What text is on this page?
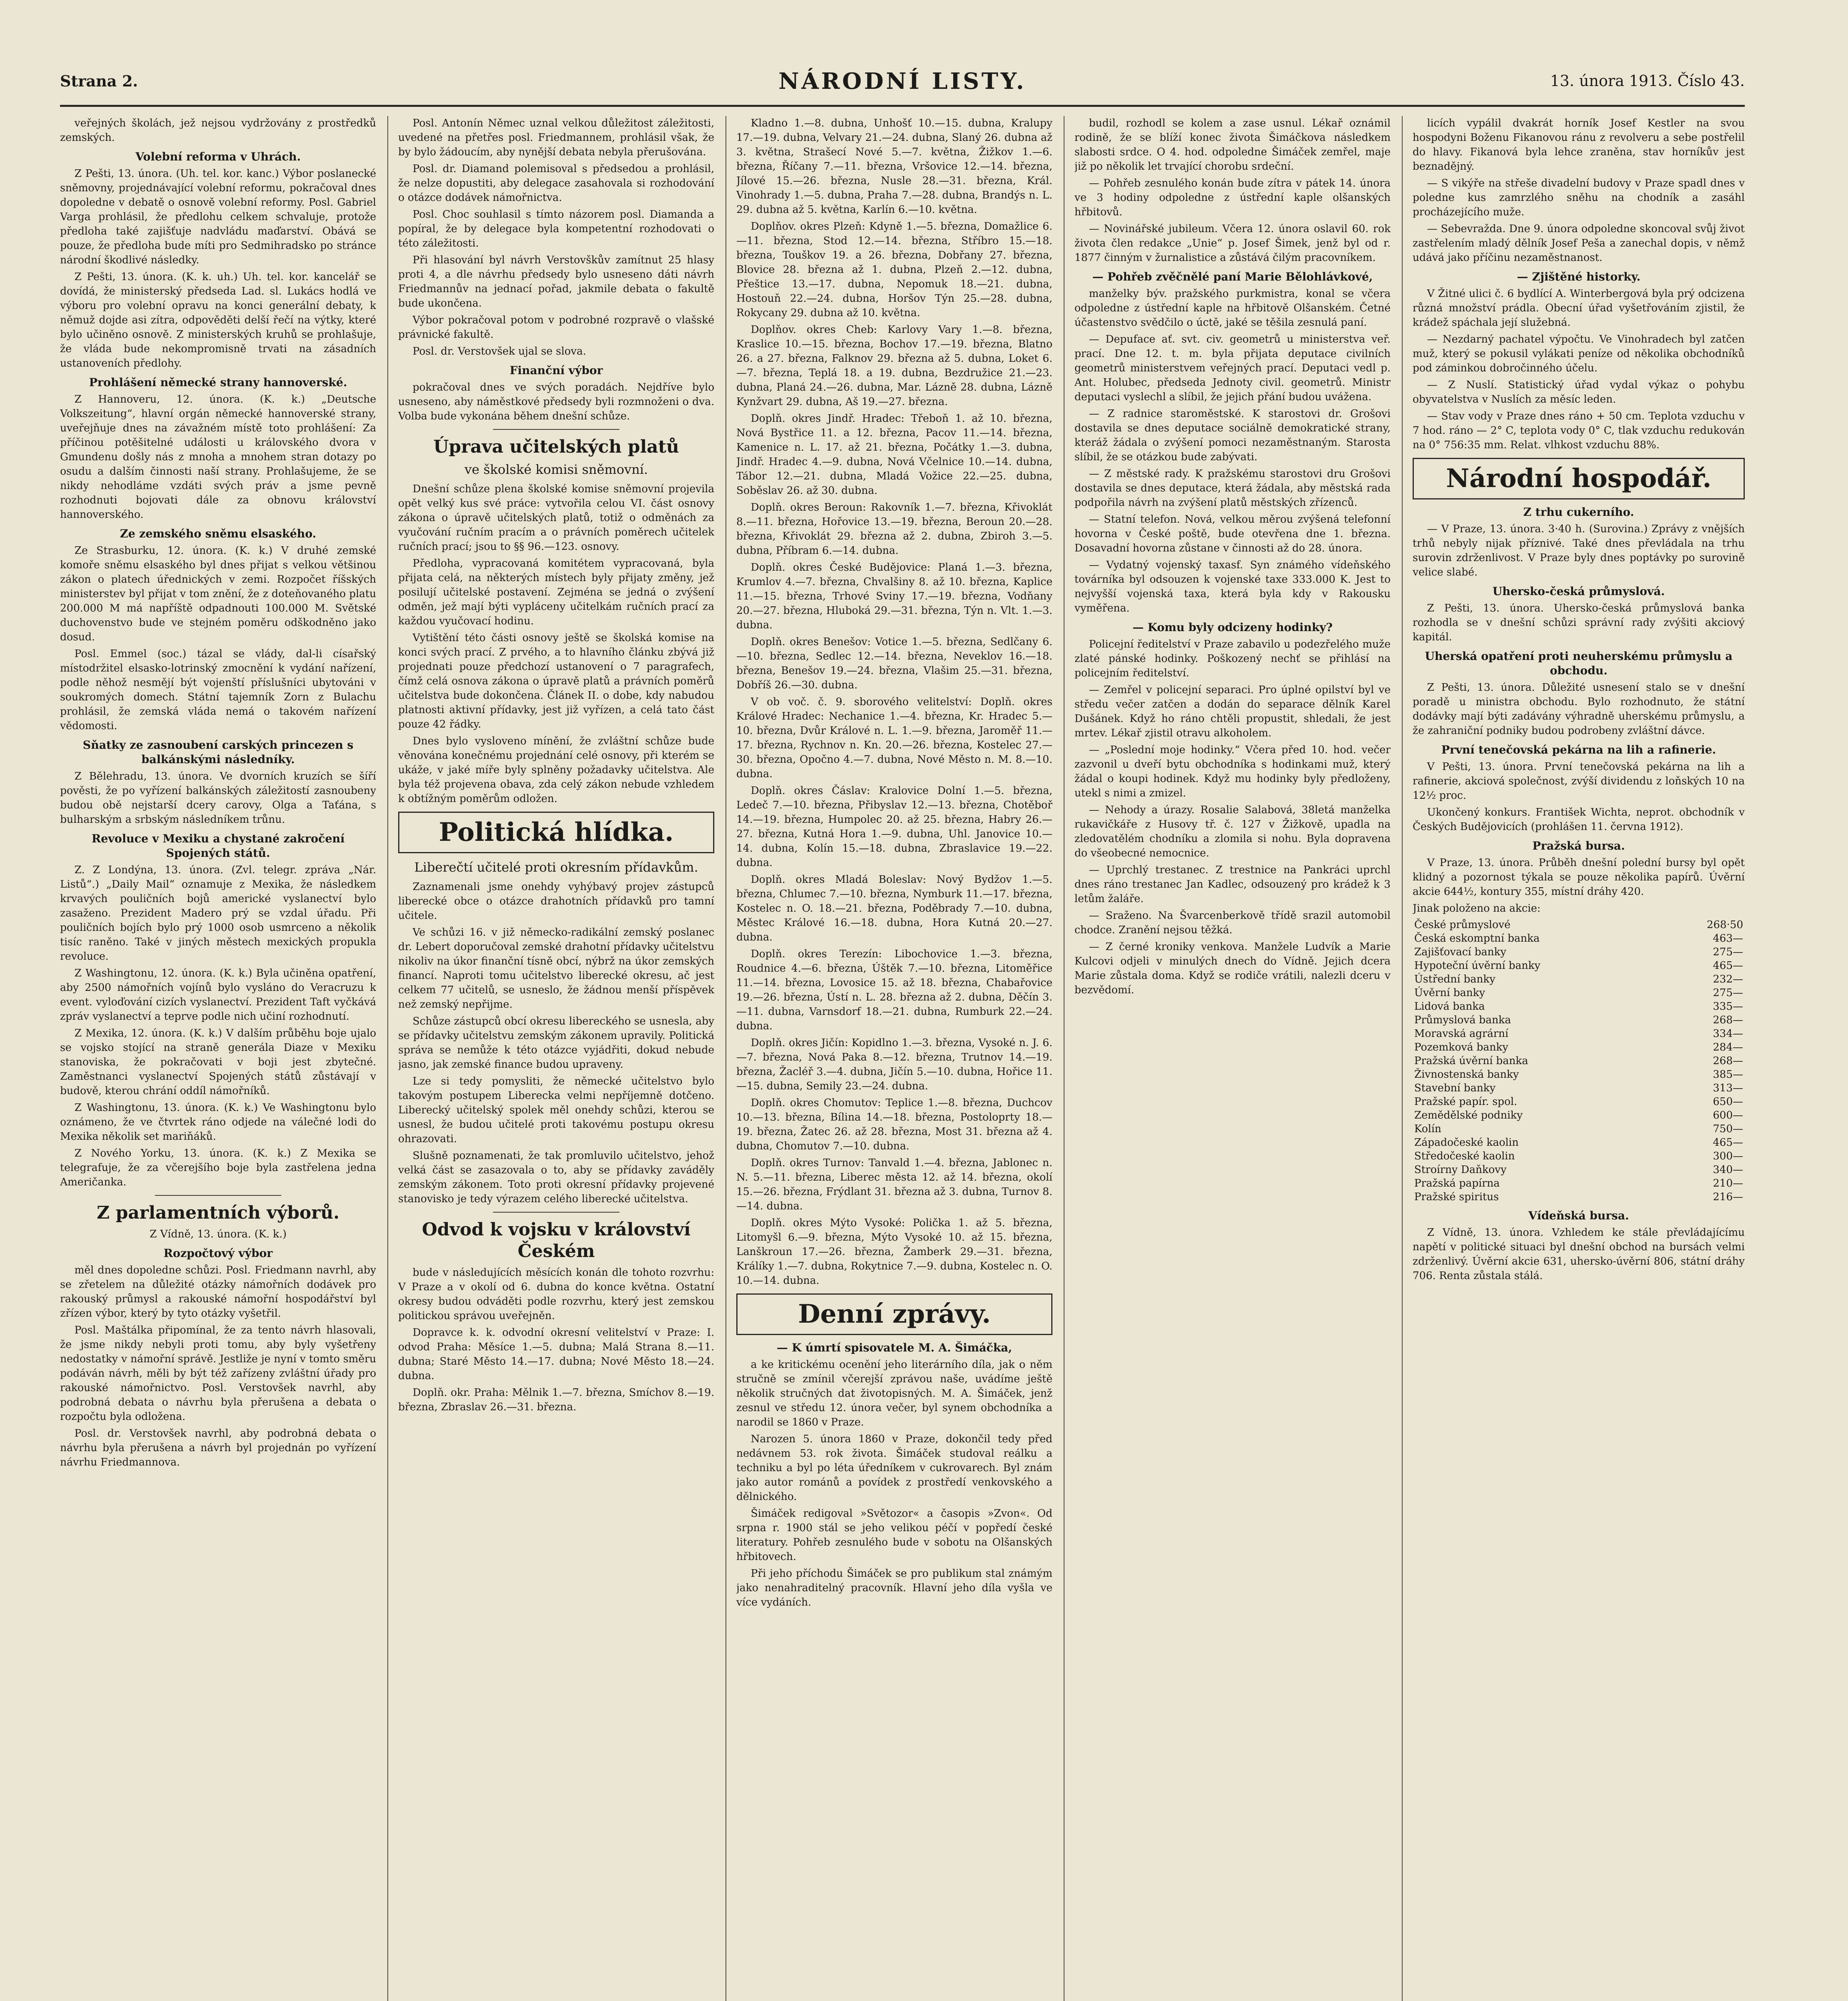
Strana 2.	NÁRODNÍ LISTY.	13. února 1913. Číslo 43.

veřejných školách, jež nejsou vydržovány z prostředků zemských.

Volební reforma v Uhrách.

Z Pešti, 13. února. (Uh. tel. kor. kanc.) Výbor poslanecké sněmovny, projednávající volební reformu, pokračoval dnes dopoledne v debatě o osnově volební reformy. Posl. Gabriel Varga prohlásil, že předlohu celkem schvaluje, protože předloha také zajišťuje nadvládu maďarství. Obává se pouze, že předloha bude míti pro Sedmihradsko po stránce národní škodlivé následky.

Z Pešti, 13. února. (K. k. uh.) Uh. tel. kor. kancelář se dovídá, že ministerský předseda Lad. sl. Lukács hodlá ve výboru pro volební opravu na konci generální debaty, k němuž dojde asi zítra, odpověděti delší řečí na výtky, které bylo učiněno osnově. Z ministerských kruhů se prohlašuje, že vláda bude nekompromisně trvati na zásadních ustanoveních předlohy.

Prohlášení německé strany hannoverské.

Z Hannoveru, 12. února. (K. k.) „Deutsche Volkszeitung“, hlavní orgán německé hannoverské strany, uveřejňuje dnes na závažném místě toto prohlášení: Za příčinou potěšitelné události u královského dvora v Gmundenu došly nás z mnoha a mnohem stran dotazy po osudu a dalším činnosti naší strany. Prohlašujeme, že se nikdy nehodláme vzdáti svých práv a jsme pevně rozhodnuti bojovati dále za obnovu království hannoverského.

Ze zemského sněmu elsaského.

Ze Strasburku, 12. února. (K. k.) V druhé zemské komoře sněmu elsaského byl dnes přijat s velkou většinou zákon o platech úřednických v zemi. Rozpočet říšských ministerstev byl přijat v tom znění, že z doteňovaného platu 200.000 M má napříště odpadnouti 100.000 M. Světské duchovenstvo bude ve stejném poměru odškodněno jako dosud.

Posl. Emmel (soc.) tázal se vlády, dal-li císařský místodržitel elsasko-lotrinský zmocnění k vydání nařízení, podle něhož nesmějí být vojenští příslušníci ubytováni v soukromých domech. Státní tajemník Zorn z Bulachu prohlásil, že zemská vláda nemá o takovém nařízení vědomosti.

Sňatky ze zasnoubení carských princezen s balkánskými následníky.

Z Bělehradu, 13. února. Ve dvorních kruzích se šíří pověsti, že po vyřízení balkánských záležitostí zasnoubeny budou obě nejstarší dcery carovy, Olga a Taťána, s bulharským a srbským následníkem trůnu.

Revoluce v Mexiku a chystané zakročení Spojených států.

Z. Z Londýna, 13. února. (Zvl. telegr. zpráva „Nár. Listů“.) „Daily Mail“ oznamuje z Mexika, že následkem krvavých pouličních bojů americké vyslanectví bylo zasaženo. Prezident Madero prý se vzdal úřadu. Při pouličních bojích bylo prý 1000 osob usmrceno a několik tisíc raněno. Také v jiných městech mexických propukla revoluce.

Z Washingtonu, 12. února. (K. k.) Byla učiněna opatření, aby 2500 námořních vojínů bylo vysláno do Veracruzu k event. vyloďování cizích vyslanectví. Prezident Taft vyčkává zpráv vyslanectví a teprve podle nich učiní rozhodnutí.

Z Mexika, 12. února. (K. k.) V dalším průběhu boje ujalo se vojsko stojící na straně generála Diaze v Mexiku stanoviska, že pokračovati v boji jest zbytečné. Zaměstnanci vyslanectví Spojených států zůstávají v budově, kterou chrání oddíl námořníků.

Z Washingtonu, 13. února. (K. k.) Ve Washingtonu bylo oznámeno, že ve čtvrtek ráno odjede na válečné lodi do Mexika několik set mariňáků.

Z Nového Yorku, 13. února. (K. k.) Z Mexika se telegrafuje, že za včerejšího boje byla zastřelena jedna Američanka.

Z parlamentních výborů.
Z Vídně, 13. února. (K. k.)
Rozpočtový výbor

měl dnes dopoledne schůzi. Posl. Friedmann navrhl, aby se zřetelem na důležité otázky námořních dodávek pro rakouský průmysl a rakouské námořní hospodářství byl zřízen výbor, který by tyto otázky vyšetřil.

Posl. Maštálka připomínal, že za tento návrh hlasovali, že jsme nikdy nebyli proti tomu, aby byly vyšetřeny nedostatky v námořní správě. Jestliže je nyní v tomto směru podáván návrh, měli by být též zařízeny zvláštní úřady pro rakouské námořnictvo. Posl. Verstovšek navrhl, aby podrobná debata o návrhu byla přerušena a debata o rozpočtu byla odložena.

Posl. dr. Verstovšek navrhl, aby podrobná debata o návrhu byla přerušena a návrh byl projednán po vyřízení návrhu Friedmannova.

Posl. Antonín Němec uznal velkou důležitost záležitosti, uvedené na přetřes posl. Friedmannem, prohlásil však, že by bylo žádoucím, aby nynější debata nebyla přerušována.

Posl. dr. Diamand polemisoval s předsedou a prohlásil, že nelze dopustiti, aby delegace zasahovala si rozhodování o otázce dodávek námořnictva.

Posl. Choc souhlasil s tímto názorem posl. Diamanda a popíral, že by delegace byla kompetentní rozhodovati o této záležitosti.

Při hlasování byl návrh Verstovškův zamítnut 25 hlasy proti 4, a dle návrhu předsedy bylo usneseno dáti návrh Friedmannův na jednací pořad, jakmile debata o fakultě bude ukončena.

Výbor pokračoval potom v podrobné rozpravě o vlašské právnické fakultě.

Posl. dr. Verstovšek ujal se slova.

Finanční výbor

pokračoval dnes ve svých poradách. Nejdříve bylo usneseno, aby náměstkové předsedy byli rozmnoženi o dva. Volba bude vykonána během dnešní schůze.

Úprava učitelských platů
ve školské komisi sněmovní.

Dnešní schůze plena školské komise sněmovní projevila opět velký kus své práce: vytvořila celou VI. část osnovy zákona o úpravě učitelských platů, totiž o odměnách za vyučování ručním pracím a o právních poměrech učitelek ručních prací; jsou to §§ 96.—123. osnovy.

Předloha, vypracovaná komitétem vypracovaná, byla přijata celá, na některých místech byly přijaty změny, jež posilují učitelské postavení. Zejména se jedná o zvýšení odměn, jež mají býti vypláceny učitelkám ručních prací za každou vyučovací hodinu.

Vytištění této části osnovy ještě se školská komise na konci svých prací. Z prvého, a to hlavního článku zbývá již projednati pouze předchozí ustanovení o 7 paragrafech, čímž celá osnova zákona o úpravě platů a právních poměrů učitelstva bude dokončena. Článek II. o dobe, kdy nabudou platnosti aktivní přídavky, jest již vyřízen, a celá tato část pouze 42 řádky.

Dnes bylo vysloveno mínění, že zvláštní schůze bude věnována konečnému projednání celé osnovy, při kterém se ukáže, v jaké míře byly splněny požadavky učitelstva. Ale byla též projevena obava, zda celý zákon nebude vzhledem k obtížným poměrům odložen.

Politická hlídka.
Liberečtí učitelé proti okresním přídavkům.

Zaznamenali jsme onehdy vyhýbavý projev zástupců liberecké obce o otázce drahotních přídavků pro tamní učitele.

Ve schůzi 16. v již německo-radikální zemský poslanec dr. Lebert doporučoval zemské drahotní přídavky učitelstvu nikoliv na úkor finanční tísně obcí, nýbrž na úkor zemských financí. Naproti tomu učitelstvo liberecké okresu, ač jest celkem 77 učitelů, se usneslo, že žádnou menší příspěvek než zemský nepřijme.

Schůze zástupců obcí okresu libereckého se usnesla, aby se přídavky učitelstvu zemským zákonem upravily. Politická správa se nemůže k této otázce vyjádřiti, dokud nebude jasno, jak zemské finance budou upraveny.

Lze si tedy pomysliti, že německé učitelstvo bylo takovým postupem Liberecka velmi nepříjemně dotčeno. Liberecký učitelský spolek měl onehdy schůzi, kterou se usnesl, že budou učitelé proti takovému postupu okresu ohrazovati.

Slušně poznamenati, že tak promluvilo učitelstvo, jehož velká část se zasazovala o to, aby se přídavky zaváděly zemským zákonem. Toto proti okresní přídavky projevené stanovisko je tedy výrazem celého liberecké učitelstva.

Odvod k vojsku v království Českém

bude v následujících měsících konán dle tohoto rozvrhu: V Praze a v okolí od 6. dubna do konce května. Ostatní okresy budou odváděti podle rozvrhu, který jest zemskou politickou správou uveřejněn.

Dopravce k. k. odvodní okresní velitelství v Praze: I. odvod Praha: Měsíce 1.—5. dubna; Malá Strana 8.—11. dubna; Staré Město 14.—17. dubna; Nové Město 18.—24. dubna.

Doplň. okr. Praha: Mělnik 1.—7. března, Smíchov 8.—19. března, Zbraslav 26.—31. března.

Kladno 1.—8. dubna, Unhošť 10.—15. dubna, Kralupy 17.—19. dubna, Velvary 21.—24. dubna, Slaný 26. dubna až 3. května, Strašecí Nové 5.—7. května, Žižkov 1.—6. března, Říčany 7.—11. března, Vršovice 12.—14. března, Jílové 15.—26. března, Nusle 28.—31. března, Král. Vinohrady 1.—5. dubna, Praha 7.—28. dubna, Brandýs n. L. 29. dubna až 5. května, Karlín 6.—10. května.

Doplňov. okres Plzeň: Kdyně 1.—5. března, Domažlice 6.—11. března, Stod 12.—14. března, Stříbro 15.—18. března, Touškov 19. a 26. března, Dobřany 27. března, Blovice 28. března až 1. dubna, Plzeň 2.—12. dubna, Přeštice 13.—17. dubna, Nepomuk 18.—21. dubna, Hostouň 22.—24. dubna, Horšov Týn 25.—28. dubna, Rokycany 29. dubna až 10. května.

Doplňov. okres Cheb: Karlovy Vary 1.—8. března, Kraslice 10.—15. března, Bochov 17.—19. března, Blatno 26. a 27. března, Falknov 29. března až 5. dubna, Loket 6.—7. března, Teplá 18. a 19. dubna, Bezdružice 21.—23. dubna, Planá 24.—26. dubna, Mar. Lázně 28. dubna, Lázně Kynžvart 29. dubna, Aš 19.—27. března.

Doplň. okres Jindř. Hradec: Třeboň 1. až 10. března, Nová Bystřice 11. a 12. března, Pacov 11.—14. března, Kamenice n. L. 17. až 21. března, Počátky 1.—3. dubna, Jindř. Hradec 4.—9. dubna, Nová Včelnice 10.—14. dubna, Tábor 12.—21. dubna, Mladá Vožice 22.—25. dubna, Soběslav 26. až 30. dubna.

Doplň. okres Beroun: Rakovník 1.—7. března, Křivoklát 8.—11. března, Hořovice 13.—19. března, Beroun 20.—28. března, Křivoklát 29. března až 2. dubna, Zbiroh 3.—5. dubna, Příbram 6.—14. dubna.

Doplň. okres České Budějovice: Planá 1.—3. března, Krumlov 4.—7. března, Chvalšiny 8. až 10. března, Kaplice 11.—15. března, Trhové Sviny 17.—19. března, Vodňany 20.—27. března, Hluboká 29.—31. března, Týn n. Vlt. 1.—3. dubna.

Doplň. okres Benešov: Votice 1.—5. března, Sedlčany 6.—10. března, Sedlec 12.—14. března, Neveklov 16.—18. března, Benešov 19.—24. března, Vlašim 25.—31. března, Dobříš 26.—30. dubna.

V ob voč. č. 9. sborového velitelství: Doplň. okres Králové Hradec: Nechanice 1.—4. března, Kr. Hradec 5.—10. března, Dvůr Králové n. L. 1.—9. března, Jaroměř 11.—17. března, Rychnov n. Kn. 20.—26. března, Kostelec 27.—30. března, Opočno 4.—7. dubna, Nové Město n. M. 8.—10. dubna.

Doplň. okres Čáslav: Kralovice Dolní 1.—5. března, Ledeč 7.—10. března, Přibyslav 12.—13. března, Chotěboř 14.—19. března, Humpolec 20. až 25. března, Habry 26.—27. března, Kutná Hora 1.—9. dubna, Uhl. Janovice 10.—14. dubna, Kolín 15.—18. dubna, Zbraslavice 19.—22. dubna.

Doplň. okres Mladá Boleslav: Nový Bydžov 1.—5. března, Chlumec 7.—10. března, Nymburk 11.—17. března, Kostelec n. O. 18.—21. března, Poděbrady 7.—10. dubna, Městec Králové 16.—18. dubna, Hora Kutná 20.—27. dubna.

Doplň. okres Terezín: Libochovice 1.—3. března, Roudnice 4.—6. března, Úštěk 7.—10. března, Litoměřice 11.—14. března, Lovosice 15. až 18. března, Chabařovice 19.—26. března, Ústí n. L. 28. března až 2. dubna, Děčín 3.—11. dubna, Varnsdorf 18.—21. dubna, Rumburk 22.—24. dubna.

Doplň. okres Jičín: Kopidlno 1.—3. března, Vysoké n. J. 6.—7. března, Nová Paka 8.—12. března, Trutnov 14.—19. března, Žacléř 3.—4. dubna, Jičín 5.—10. dubna, Hořice 11.—15. dubna, Semily 23.—24. dubna.

Doplň. okres Chomutov: Teplice 1.—8. března, Duchcov 10.—13. března, Bílina 14.—18. března, Postoloprty 18.—19. března, Žatec 26. až 28. března, Most 31. března až 4. dubna, Chomutov 7.—10. dubna.

Doplň. okres Turnov: Tanvald 1.—4. března, Jablonec n. N. 5.—11. března, Liberec města 12. až 14. března, okolí 15.—26. března, Frýdlant 31. března až 3. dubna, Turnov 8.—14. dubna.

Doplň. okres Mýto Vysoké: Polička 1. až 5. března, Litomyšl 6.—9. března, Mýto Vysoké 10. až 15. března, Lanškroun 17.—26. března, Žamberk 29.—31. března, Králíky 1.—7. dubna, Rokytnice 7.—9. dubna, Kostelec n. O. 10.—14. dubna.

Denní zprávy.
— K úmrtí spisovatele M. A. Šimáčka,

a ke kritickému ocenění jeho literárního díla, jak o něm stručně se zmínil včerejší zprávou naše, uvádíme ještě několik stručných dat životopisných. M. A. Šimáček, jenž zesnul ve středu 12. února večer, byl synem obchodníka a narodil se 1860 v Praze.

Narozen 5. února 1860 v Praze, dokončil tedy před nedávnem 53. rok života. Šimáček studoval reálku a techniku a byl po léta úředníkem v cukrovarech. Byl znám jako autor románů a povídek z prostředí venkovského a dělnického.

Šimáček redigoval »Světozor« a časopis »Zvon«. Od srpna r. 1900 stál se jeho velikou péčí v popředí české literatury. Pohřeb zesnulého bude v sobotu na Olšanských hřbitovech.

Při jeho příchodu Šimáček se pro publikum stal známým jako nenahraditelný pracovník. Hlavní jeho díla vyšla ve více vydáních.

budil, rozhodl se kolem a zase usnul. Lékař oznámil rodině, že se blíží konec života Šimáčkova následkem slabosti srdce. O 4. hod. odpoledne Šimáček zemřel, maje již po několik let trvající chorobu srdeční.

— Pohřeb zesnulého konán bude zítra v pátek 14. února ve 3 hodiny odpoledne z ústřední kaple olšanských hřbitovů.

— Novinářské jubileum. Včera 12. února oslavil 60. rok života člen redakce „Unie“ p. Josef Šimek, jenž byl od r. 1877 činným v žurnalistice a zůstává čilým pracovníkem.

— Pohřeb zvěčnělé paní Marie Bělohlávkové,

manželky býv. pražského purkmistra, konal se včera odpoledne z ústřední kaple na hřbitově Olšanském. Četné účastenstvo svědčilo o úctě, jaké se těšila zesnulá paní.

— Depuface ať. svt. civ. geometrů u ministerstva veř. prací. Dne 12. t. m. byla přijata deputace civilních geometrů ministerstvem veřejných prací. Deputaci vedl p. Ant. Holubec, předseda Jednoty civil. geometrů. Ministr deputaci vyslechl a slíbil, že jejich přání budou uvážena.

— Z radnice staroměstské. K starostovi dr. Grošovi dostavila se dnes deputace sociálně demokratické strany, kteráž žádala o zvýšení pomoci nezaměstnaným. Starosta slíbil, že se otázkou bude zabývati.

— Z městské rady. K pražskému starostovi dru Grošovi dostavila se dnes deputace, která žádala, aby městská rada podpořila návrh na zvýšení platů městských zřízenců.

— Statní telefon. Nová, velkou měrou zvýšená telefonní hovorna v České poště, bude otevřena dne 1. března. Dosavadní hovorna zůstane v činnosti až do 28. února.

— Vydatný vojenský taxasf. Syn známého vídeňského továrníka byl odsouzen k vojenské taxe 333.000 K. Jest to nejvyšší vojenská taxa, která byla kdy v Rakousku vyměřena.

— Komu byly odcizeny hodinky?

Policejní ředitelství v Praze zabavilo u podezřelého muže zlaté pánské hodinky. Poškozený nechť se přihlásí na policejním ředitelství.

— Zemřel v policejní separaci. Pro úplné opilství byl ve středu večer zatčen a dodán do separace dělník Karel Dušánek. Když ho ráno chtěli propustit, shledali, že jest mrtev. Lékař zjistil otravu alkoholem.

— „Poslední moje hodinky.“ Včera před 10. hod. večer zazvonil u dveří bytu obchodníka s hodinkami muž, který žádal o koupi hodinek. Když mu hodinky byly předloženy, utekl s nimi a zmizel.

— Nehody a úrazy. Rosalie Salabová, 38letá manželka rukavičkáře z Husovy tř. č. 127 v Žižkově, upadla na zledovatělém chodníku a zlomila si nohu. Byla dopravena do všeobecné nemocnice.

— Uprchlý trestanec. Z trestnice na Pankráci uprchl dnes ráno trestanec Jan Kadlec, odsouzený pro krádež k 3 letům žaláře.

— Sraženo. Na Švarcenberkově třídě srazil automobil chodce. Zranění nejsou těžká.

— Z černé kroniky venkova. Manžele Ludvík a Marie Kulcovi odjeli v minulých dnech do Vídně. Jejich dcera Marie zůstala doma. Když se rodiče vrátili, nalezli dceru v bezvědomí.

licích vypálil dvakrát horník Josef Kestler na svou hospodyni Boženu Fikanovou ránu z revolveru a sebe postřelil do hlavy. Fikanová byla lehce zraněna, stav horníkův jest beznadějný.

— S vikýře na střeše divadelní budovy v Praze spadl dnes v poledne kus zamrzlého sněhu na chodník a zasáhl procházejícího muže.

— Sebevražda. Dne 9. února odpoledne skoncoval svůj život zastřelením mladý dělník Josef Peša a zanechal dopis, v němž udává jako příčinu nezaměstnanost.

— Zjištěné historky.

V Žitné ulici č. 6 bydlící A. Winterbergová byla prý odcizena různá množství prádla. Obecní úřad vyšetřováním zjistil, že krádež spáchala její služebná.

— Nezdarný pachatel výpočtu. Ve Vinohradech byl zatčen muž, který se pokusil vylákati peníze od několika obchodníků pod záminkou dobročinného účelu.

— Z Nuslí. Statistický úřad vydal výkaz o pohybu obyvatelstva v Nuslích za měsíc leden.

— Stav vody v Praze dnes ráno + 50 cm. Teplota vzduchu v 7 hod. ráno — 2° C, teplota vody 0° C, tlak vzduchu redukován na 0° 756:35 mm. Relat. vlhkost vzduchu 88%.

Národní hospodář.
Z trhu cukerního.

— V Praze, 13. února. 3·40 h. (Surovina.) Zprávy z vnějších trhů nebyly nijak příznivé. Také dnes převládala na trhu surovin zdrženlivost. V Praze byly dnes poptávky po surovině velice slabé.

Uhersko-česká průmyslová.

Z Pešti, 13. února. Uhersko-česká průmyslová banka rozhodla se v dnešní schůzi správní rady zvýšiti akciový kapitál.

Uherská opatření proti neuherskému průmyslu a obchodu.

Z Pešti, 13. února. Důležité usnesení stalo se v dnešní poradě u ministra obchodu. Bylo rozhodnuto, že státní dodávky mají býti zadávány výhradně uherskému průmyslu, a že zahraniční podniky budou podrobeny zvláštní dávce.

První tenečovská pekárna na lih a rafinerie.

V Pešti, 13. února. První tenečovská pekárna na lih a rafinerie, akciová společnost, zvýší dividendu z loňských 10 na 12½ proc.

Ukončený konkurs. František Wichta, neprot. obchodník v Českých Budějovicích (prohlášen 11. června 1912).

Pražská bursa.

V Praze, 13. února. Průběh dnešní polední bursy byl opět klidný a pozornost týkala se pouze několika papírů. Úvěrní akcie 644½, kontury 355, místní dráhy 420.

Jinak položeno na akcie:

České průmyslové	268·50
Česká eskomptní banka	463—
Zajišťovací banky	275—
Hypoteční úvěrní banky	465—
Ústřední banky	232—
Úvěrní banky	275—
Lidová banka	335—
Průmyslová banka	268—
Moravská agrární	334—
Pozemková banky	284—
Pražská úvěrní banka	268—
Živnostenská banky	385—
Stavební banky	313—
Pražské papír. spol.	650—
Zemědělské podniky	600—
Kolín	750—
Západočeské kaolin	465—
Středočeské kaolin	300—
Stroírny Daňkovy	340—
Pražská papírna	210—
Pražské spiritus	216—
Vídeňská bursa.

Z Vídně, 13. února. Vzhledem ke stále převládajícímu napětí v politické situaci byl dnešní obchod na bursách velmi zdrženlivý. Úvěrní akcie 631, uhersko-úvěrní 806, státní dráhy 706. Renta zůstala stálá.
